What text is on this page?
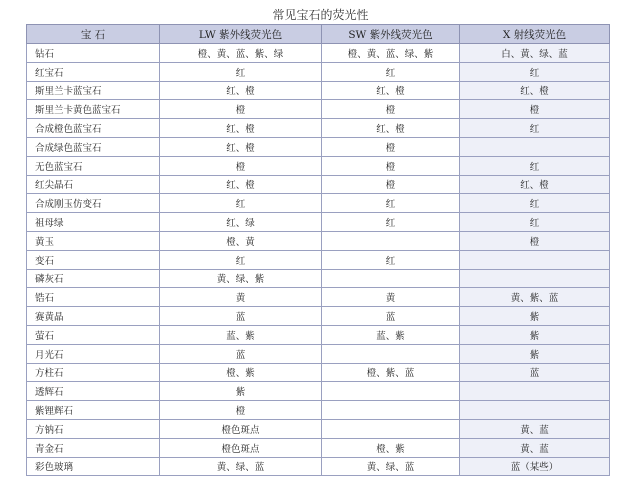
常见宝石的荧光性
宝 石	LW 紫外线荧光色	SW 紫外线荧光色	X 射线荧光色
钻石	橙、黄、蓝、紫、绿	橙、黄、蓝、绿、紫	白、黄、绿、蓝
红宝石	红	红	红
斯里兰卡蓝宝石	红、橙	红、橙	红、橙
斯里兰卡黄色蓝宝石	橙	橙	橙
合成橙色蓝宝石	红、橙	红、橙	红
合成绿色蓝宝石	红、橙	橙	
无色蓝宝石	橙	橙	红
红尖晶石	红、橙	橙	红、橙
合成刚玉仿变石	红	红	红
祖母绿	红、绿	红	红
黄玉	橙、黄		橙
变石	红	红	
磷灰石	黄、绿、紫		
锆石	黄	黄	黄、紫、蓝
赛黄晶	蓝	蓝	紫
萤石	蓝、紫	蓝、紫	紫
月光石	蓝		紫
方柱石	橙、紫	橙、紫、蓝	蓝
透辉石	紫		
紫锂辉石	橙		
方钠石	橙色斑点		黄、蓝
青金石	橙色斑点	橙、紫	黄、蓝
彩色玻璃	黄、绿、蓝	黄、绿、蓝	蓝（某些）
